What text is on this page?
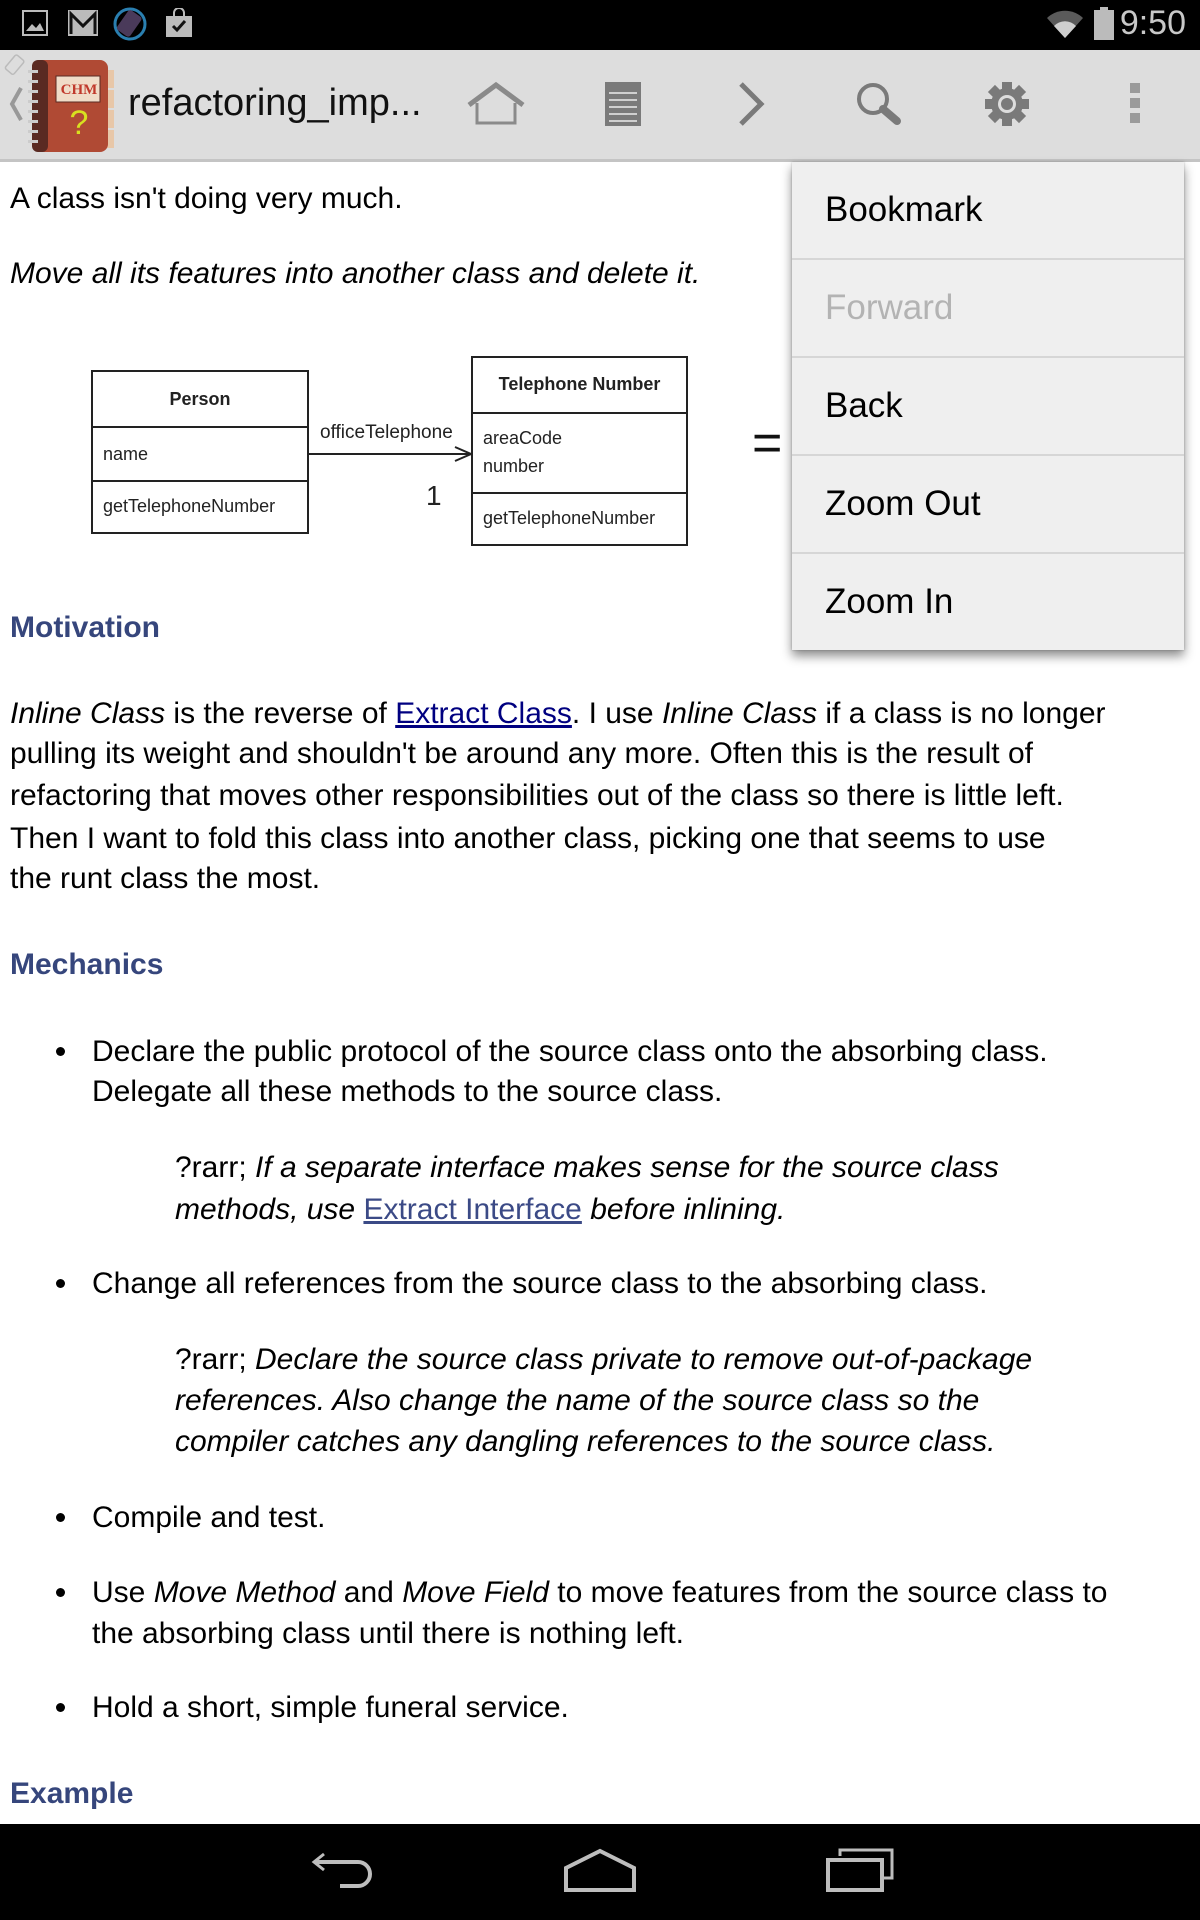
9:50
CHM
? refactoring_imp...
A class isn't doing very much.
Move all its features into another class and delete it.
Person
name
getTelephoneNumber
officeTelephone
1
Telephone Number
areaCode
number
getTelephoneNumber
=
Motivation
Inline Class is the reverse of Extract Class. I use Inline Class if a class is no longer
pulling its weight and shouldn't be around any more. Often this is the result of
refactoring that moves other responsibilities out of the class so there is little left.
Then I want to fold this class into another class, picking one that seems to use
the runt class the most.
Mechanics
Declare the public protocol of the source class onto the absorbing class.
Delegate all these methods to the source class.
?rarr; If a separate interface makes sense for the source class
methods, use Extract Interface before inlining.
Change all references from the source class to the absorbing class.
?rarr; Declare the source class private to remove out-of-package
references. Also change the name of the source class so the
compiler catches any dangling references to the source class.
Compile and test.
Use Move Method and Move Field to move features from the source class to
the absorbing class until there is nothing left.
Hold a short, simple funeral service.
Example
Bookmark
Forward
Back
Zoom Out
Zoom In
